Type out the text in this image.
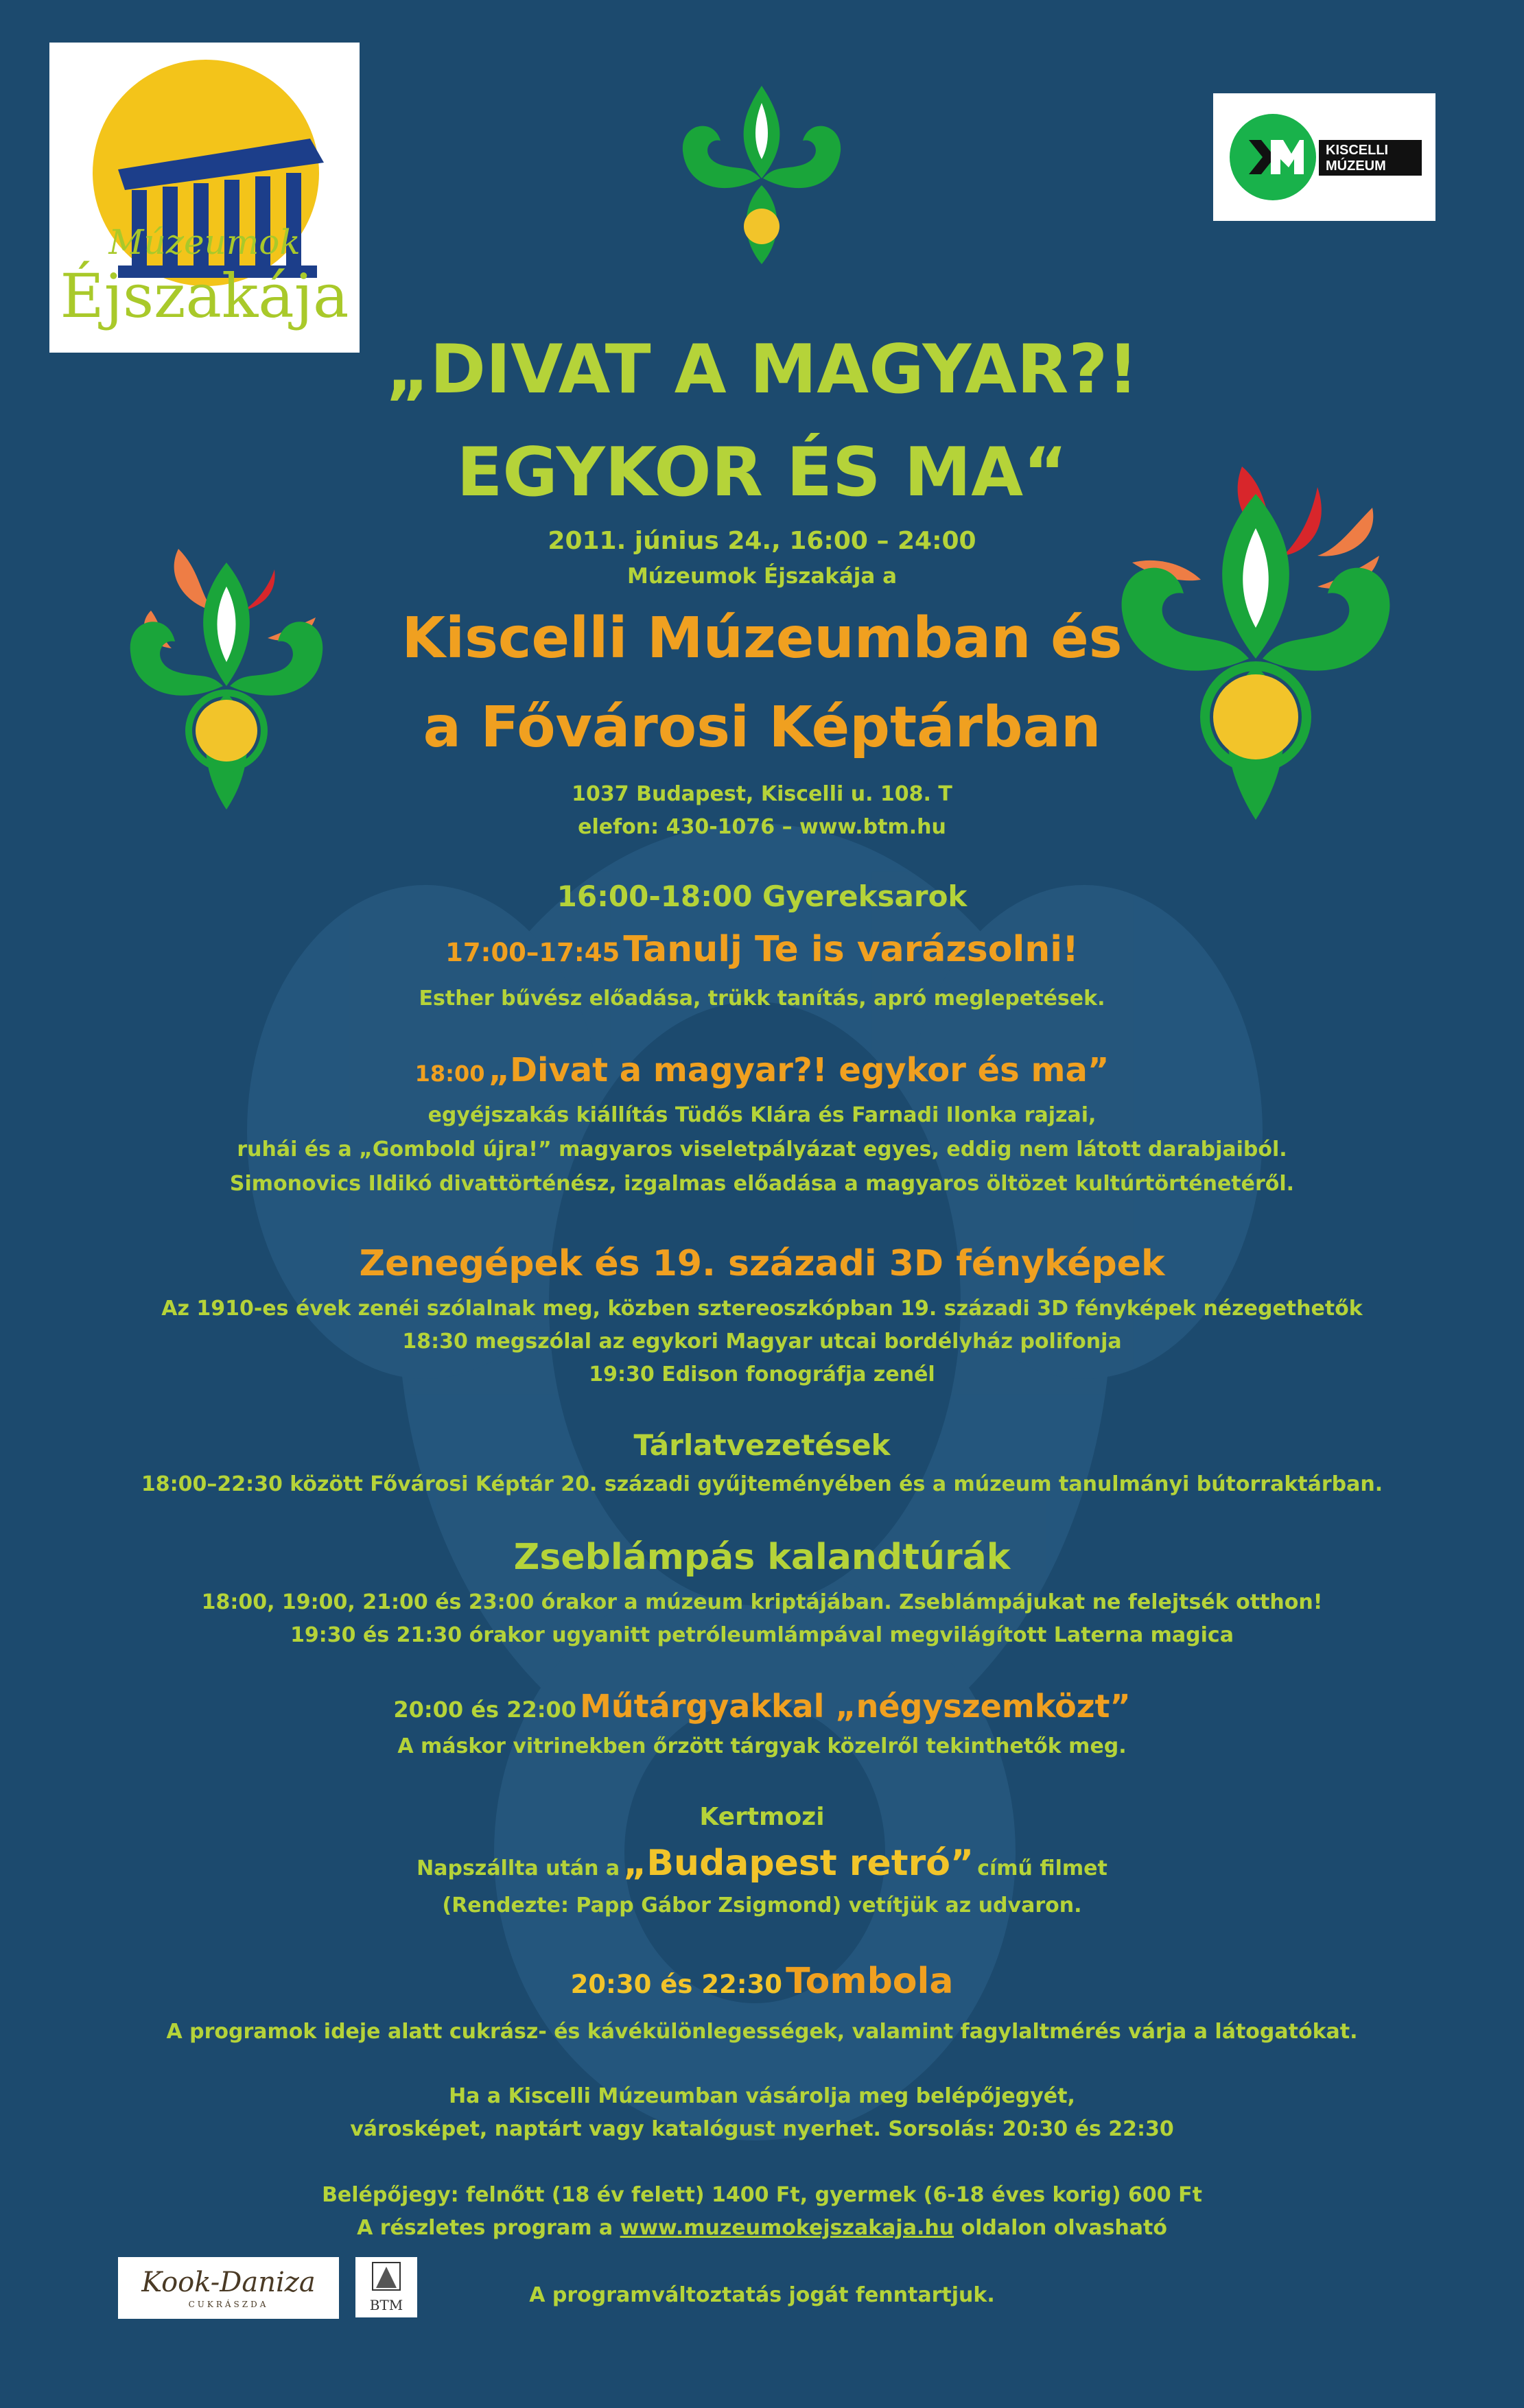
Múzeumok
Éjszakája
KISCELLI
MÚZEUM
„DIVAT A MAGYAR?!
EGYKOR ÉS MA“
2011. június 24., 16:00 – 24:00
Múzeumok Éjszakája a
Kiscelli Múzeumban és
a Fővárosi Képtárban
1037 Budapest, Kiscelli u. 108. T
elefon: 430-1076 – www.btm.hu
16:00-18:00 Gyereksarok
17:00–17:45 Tanulj Te is varázsolni!
Esther bűvész előadása, trükk tanítás, apró meglepetések.
18:00 „Divat a magyar?! egykor és ma”
egyéjszakás kiállítás Tüdős Klára és Farnadi Ilonka rajzai,
ruhái és a „Gombold újra!” magyaros viseletpályázat egyes, eddig nem látott darabjaiból.
Simonovics Ildikó divattörténész, izgalmas előadása a magyaros öltözet kultúrtörténetéről.
Zenegépek és 19. századi 3D fényképek
Az 1910-es évek zenéi szólalnak meg, közben sztereoszkópban 19. századi 3D fényképek nézegethetők
18:30 megszólal az egykori Magyar utcai bordélyház polifonja
19:30 Edison fonográfja zenél
Tárlatvezetések
18:00–22:30 között Fővárosi Képtár 20. századi gyűjteményében és a múzeum tanulmányi bútorraktárban.
Zseblámpás kalandtúrák
18:00, 19:00, 21:00 és 23:00 órakor a múzeum kriptájában. Zseblámpájukat ne felejtsék otthon!
19:30 és 21:30 órakor ugyanitt petróleumlámpával megvilágított Laterna magica
20:00 és 22:00 Műtárgyakkal „négyszemközt”
A máskor vitrinekben őrzött tárgyak közelről tekinthetők meg.
Kertmozi
Napszállta után a „Budapest retró” című filmet
(Rendezte: Papp Gábor Zsigmond) vetítjük az udvaron.
20:30 és 22:30 Tombola
A programok ideje alatt cukrász- és kávékülönlegességek, valamint fagylaltmérés várja a látogatókat.
Ha a Kiscelli Múzeumban vásárolja meg belépőjegyét,
városképet, naptárt vagy katalógust nyerhet. Sorsolás: 20:30 és 22:30
Belépőjegy: felnőtt (18 év felett) 1400 Ft, gyermek (6-18 éves korig) 600 Ft
A részletes program a www.muzeumokejszakaja.hu oldalon olvasható
A programváltoztatás jogát fenntartjuk.
Kook-Daniza
CUKRÁSZDA	BTM
